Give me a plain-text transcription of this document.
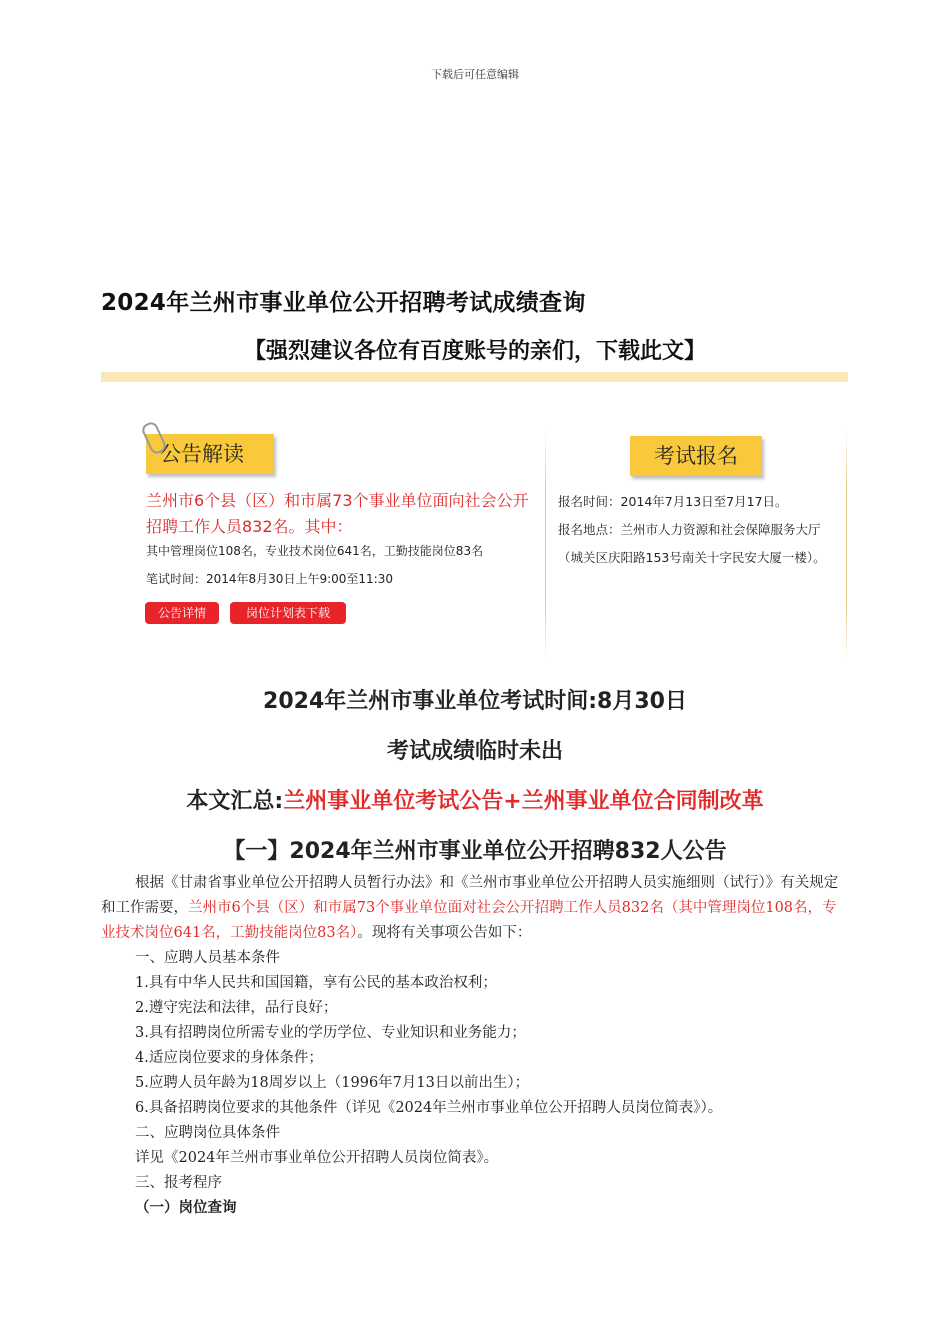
下载后可任意编辑
2024年兰州市事业单位公开招聘考试成绩查询
【强烈建议各位有百度账号的亲们，下载此文】
公告解读
兰州市6个县（区）和市属73个事业单位面向社会公开招聘工作人员832名。其中：
其中管理岗位108名，专业技术岗位641名，工勤技能岗位83名
笔试时间：2014年8月30日上午9:00至11:30
公告详情	岗位计划表下载
考试报名
报名时间：2014年7月13日至7月17日。
报名地点：兰州市人力资源和社会保障服务大厅（城关区庆阳路153号南关十字民安大厦一楼）。
2024年兰州市事业单位考试时间:8月30日
考试成绩临时未出
本文汇总:兰州事业单位考试公告+兰州事业单位合同制改革
【一】2024年兰州市事业单位公开招聘832人公告

根据《甘肃省事业单位公开招聘人员暂行办法》和《兰州市事业单位公开招聘人员实施细则（试行）》有关规定和工作需要，兰州市6个县（区）和市属73个事业单位面对社会公开招聘工作人员832名（其中管理岗位108名，专业技术岗位641名，工勤技能岗位83名）。现将有关事项公告如下：

一、应聘人员基本条件

1.具有中华人民共和国国籍，享有公民的基本政治权利；

2.遵守宪法和法律，品行良好；

3.具有招聘岗位所需专业的学历学位、专业知识和业务能力；

4.适应岗位要求的身体条件；

5.应聘人员年龄为18周岁以上（1996年7月13日以前出生）；

6.具备招聘岗位要求的其他条件（详见《2024年兰州市事业单位公开招聘人员岗位简表》）。

二、应聘岗位具体条件

详见《2024年兰州市事业单位公开招聘人员岗位简表》。

三、报考程序

（一）岗位查询
